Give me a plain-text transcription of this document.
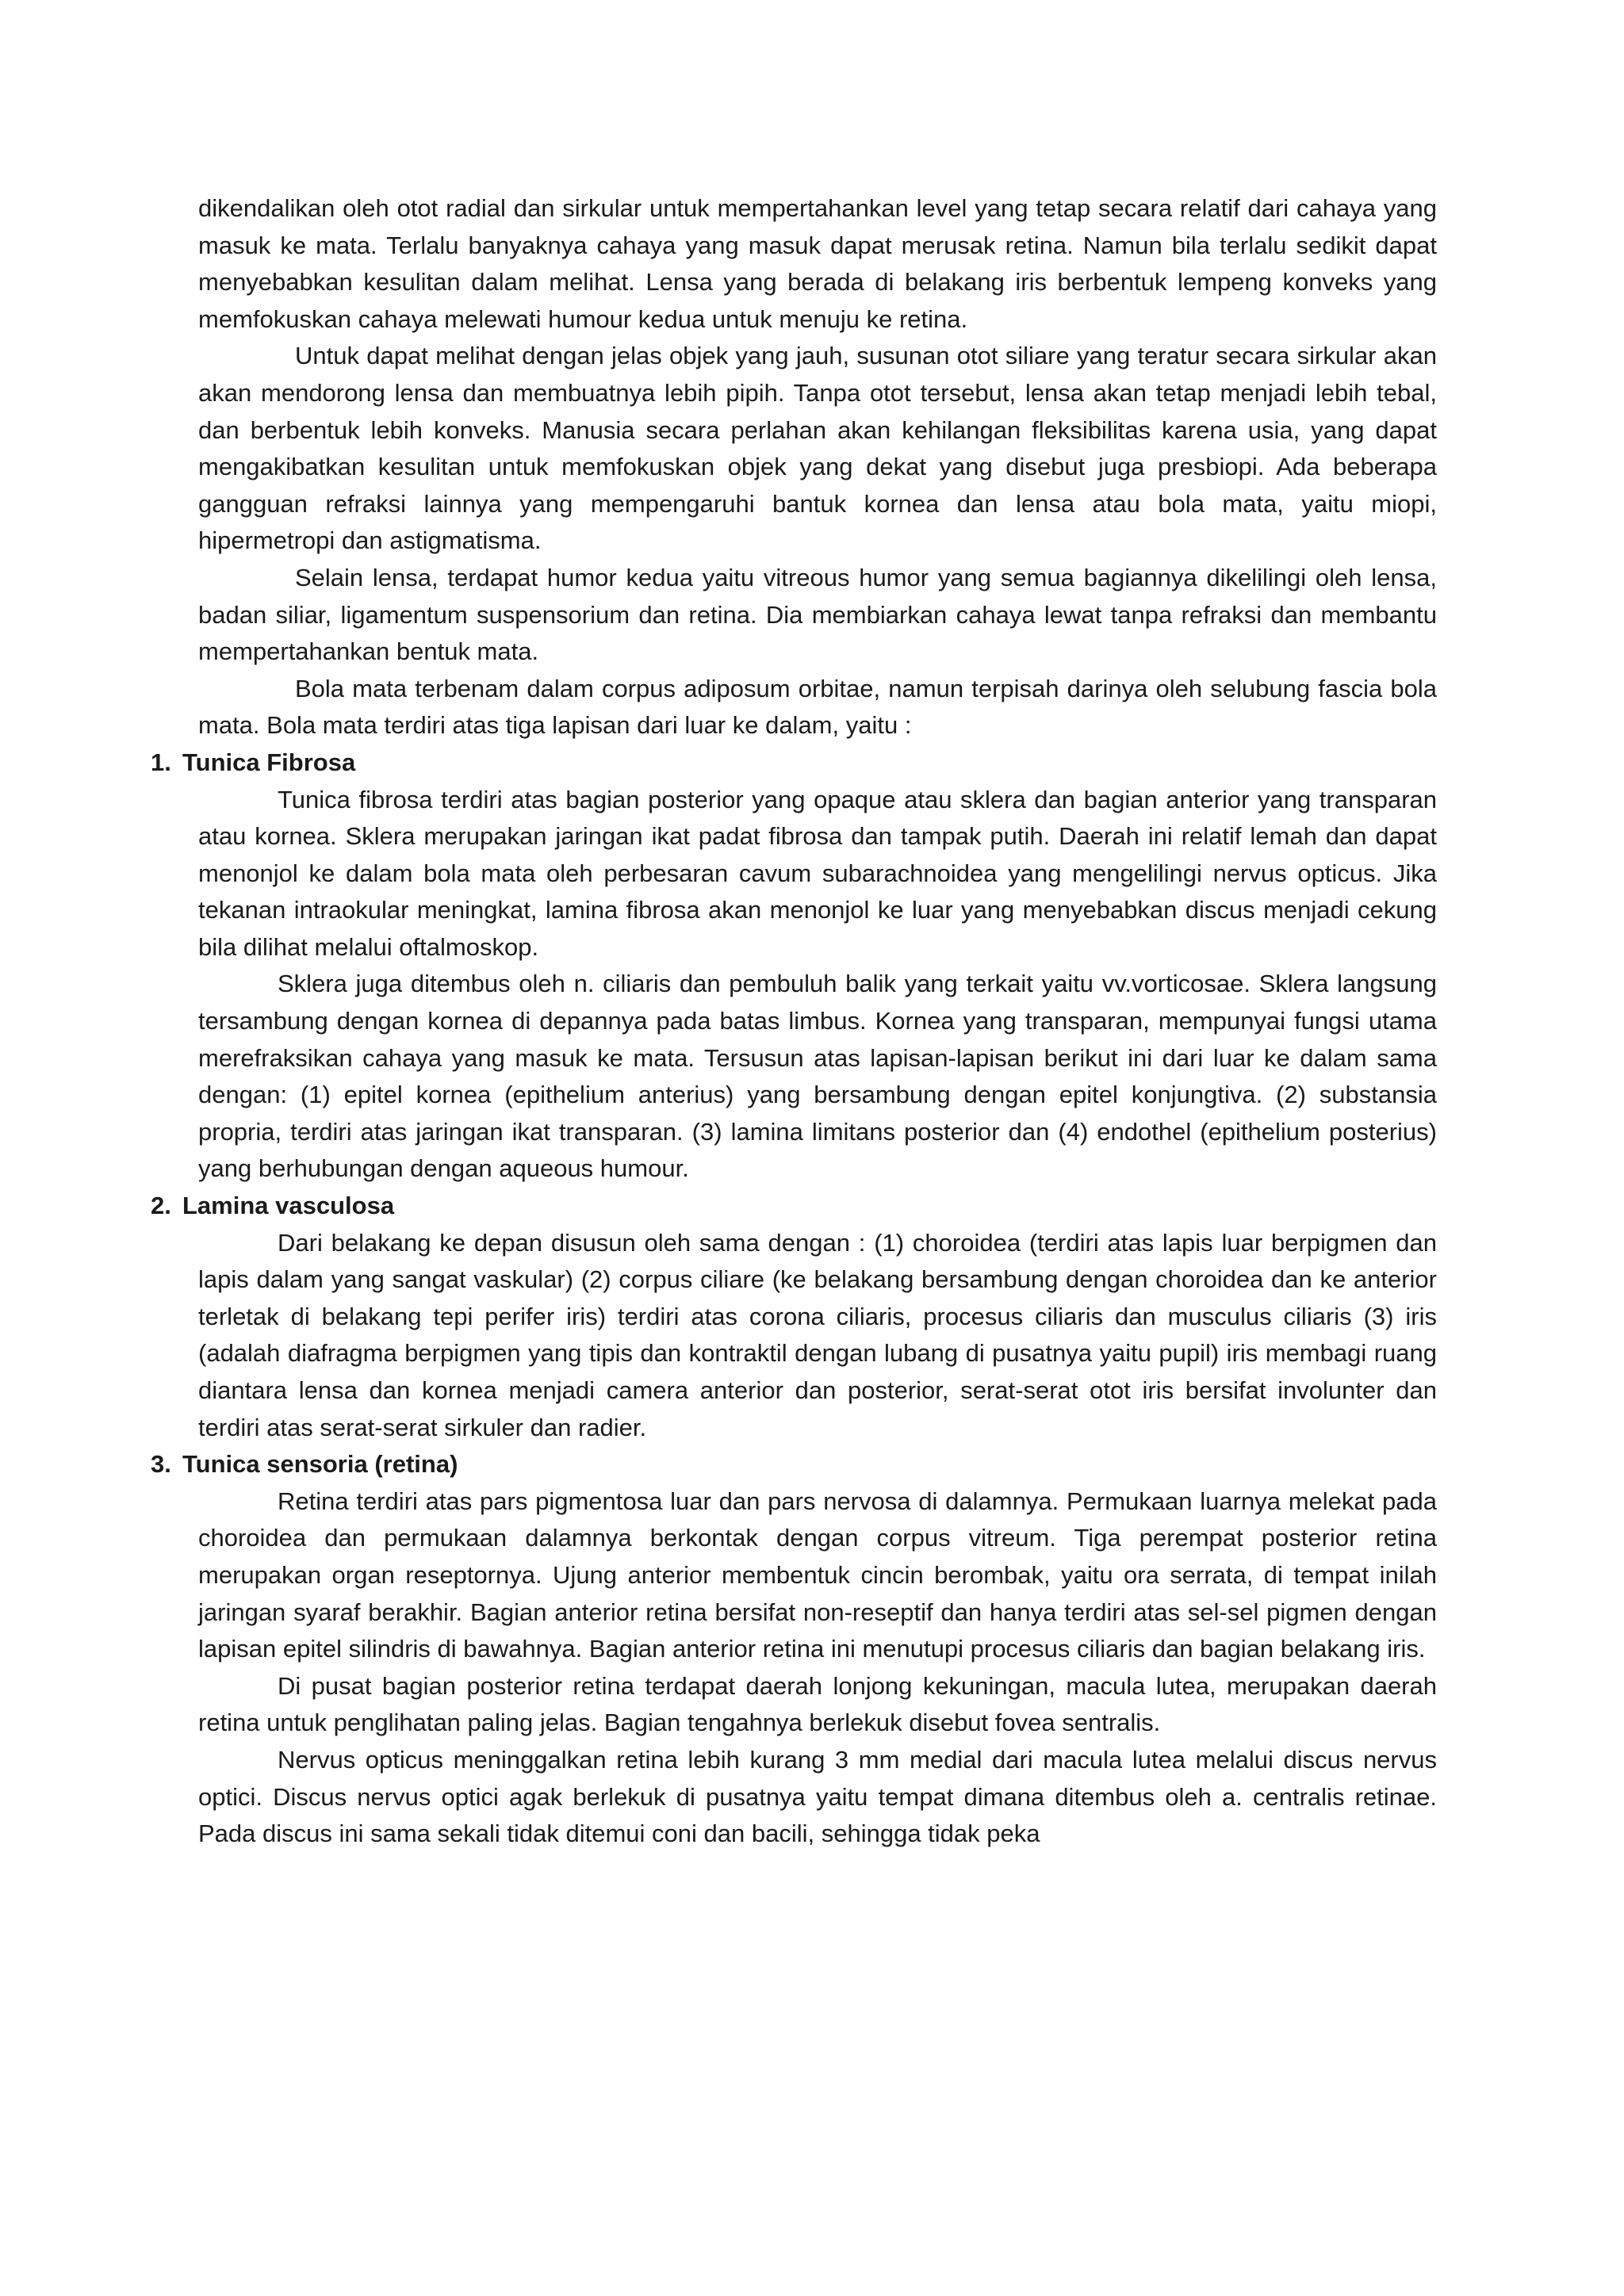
dikendalikan oleh otot radial dan sirkular untuk mempertahankan level yang tetap secara relatif dari cahaya yang masuk ke mata. Terlalu banyaknya cahaya yang masuk dapat merusak retina. Namun bila terlalu sedikit dapat menyebabkan kesulitan dalam melihat. Lensa yang berada di belakang iris berbentuk lempeng konveks yang memfokuskan cahaya melewati humour kedua untuk menuju ke retina.

Untuk dapat melihat dengan jelas objek yang jauh, susunan otot siliare yang teratur secara sirkular akan akan mendorong lensa dan membuatnya lebih pipih. Tanpa otot tersebut, lensa akan tetap menjadi lebih tebal, dan berbentuk lebih konveks. Manusia secara perlahan akan kehilangan fleksibilitas karena usia, yang dapat mengakibatkan kesulitan untuk memfokuskan objek yang dekat yang disebut juga presbiopi. Ada beberapa gangguan refraksi lainnya yang mempengaruhi bantuk kornea dan lensa atau bola mata, yaitu miopi, hipermetropi dan astigmatisma.

Selain lensa, terdapat humor kedua yaitu vitreous humor yang semua bagiannya dikelilingi oleh lensa, badan siliar, ligamentum suspensorium dan retina. Dia membiarkan cahaya lewat tanpa refraksi dan membantu mempertahankan bentuk mata.

Bola mata terbenam dalam corpus adiposum orbitae, namun terpisah darinya oleh selubung fascia bola mata. Bola mata terdiri atas tiga lapisan dari luar ke dalam, yaitu :

1. Tunica Fibrosa

Tunica fibrosa terdiri atas bagian posterior yang opaque atau sklera dan bagian anterior yang transparan atau kornea. Sklera merupakan jaringan ikat padat fibrosa dan tampak putih. Daerah ini relatif lemah dan dapat menonjol ke dalam bola mata oleh perbesaran cavum subarachnoidea yang mengelilingi nervus opticus. Jika tekanan intraokular meningkat, lamina fibrosa akan menonjol ke luar yang menyebabkan discus menjadi cekung bila dilihat melalui oftalmoskop.

Sklera juga ditembus oleh n. ciliaris dan pembuluh balik yang terkait yaitu vv.vorticosae. Sklera langsung tersambung dengan kornea di depannya pada batas limbus. Kornea yang transparan, mempunyai fungsi utama merefraksikan cahaya yang masuk ke mata. Tersusun atas lapisan-lapisan berikut ini dari luar ke dalam sama dengan: (1) epitel kornea (epithelium anterius) yang bersambung dengan epitel konjungtiva. (2) substansia propria, terdiri atas jaringan ikat transparan. (3) lamina limitans posterior dan (4) endothel (epithelium posterius) yang berhubungan dengan aqueous humour.

2. Lamina vasculosa

Dari belakang ke depan disusun oleh sama dengan : (1) choroidea (terdiri atas lapis luar berpigmen dan lapis dalam yang sangat vaskular) (2) corpus ciliare (ke belakang bersambung dengan choroidea dan ke anterior terletak di belakang tepi perifer iris) terdiri atas corona ciliaris, procesus ciliaris dan musculus ciliaris (3) iris (adalah diafragma berpigmen yang tipis dan kontraktil dengan lubang di pusatnya yaitu pupil) iris membagi ruang diantara lensa dan kornea menjadi camera anterior dan posterior, serat-serat otot iris bersifat involunter dan terdiri atas serat-serat sirkuler dan radier.

3. Tunica sensoria (retina)

Retina terdiri atas pars pigmentosa luar dan pars nervosa di dalamnya. Permukaan luarnya melekat pada choroidea dan permukaan dalamnya berkontak dengan corpus vitreum. Tiga perempat posterior retina merupakan organ reseptornya. Ujung anterior membentuk cincin berombak, yaitu ora serrata, di tempat inilah jaringan syaraf berakhir. Bagian anterior retina bersifat non-reseptif dan hanya terdiri atas sel-sel pigmen dengan lapisan epitel silindris di bawahnya. Bagian anterior retina ini menutupi procesus ciliaris dan bagian belakang iris.

Di pusat bagian posterior retina terdapat daerah lonjong kekuningan, macula lutea, merupakan daerah retina untuk penglihatan paling jelas. Bagian tengahnya berlekuk disebut fovea sentralis.

Nervus opticus meninggalkan retina lebih kurang 3 mm medial dari macula lutea melalui discus nervus optici. Discus nervus optici agak berlekuk di pusatnya yaitu tempat dimana ditembus oleh a. centralis retinae. Pada discus ini sama sekali tidak ditemui coni dan bacili, sehingga tidak peka
